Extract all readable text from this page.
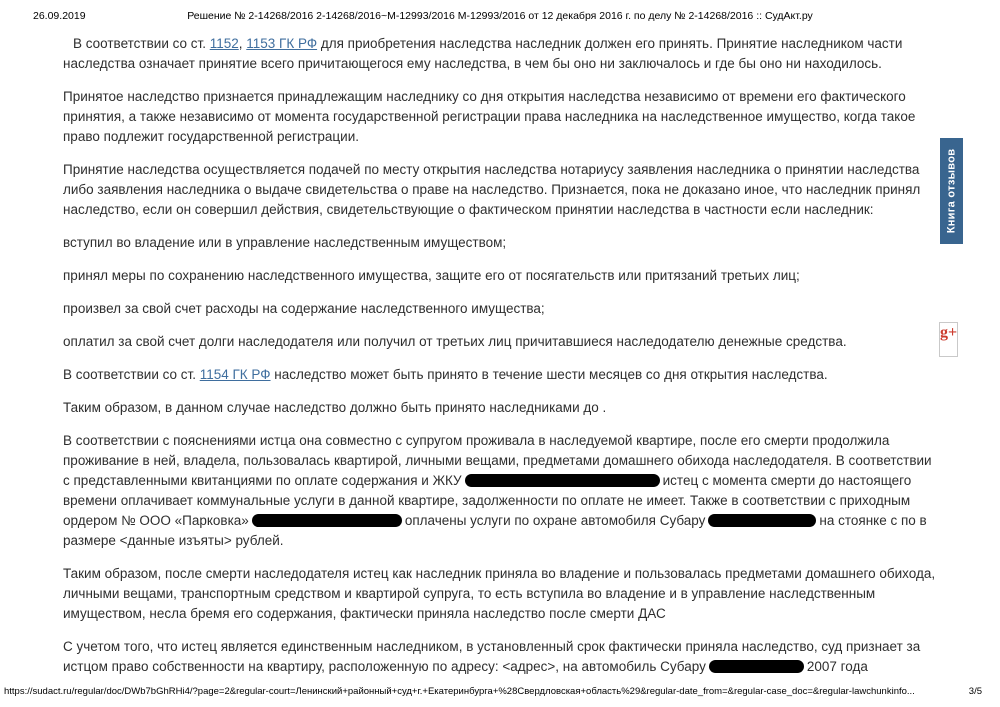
26.09.2019	Решение № 2-14268/2016 2-14268/2016~М-12993/2016 М-12993/2016 от 12 декабря 2016 г. по делу № 2-14268/2016 :: СудАкт.ру

В соответствии со ст. 1152, 1153 ГК РФ для приобретения наследства наследник должен его принять. Принятие наследником части наследства означает принятие всего причитающегося ему наследства, в чем бы оно ни заключалось и где бы оно ни находилось.

Принятое наследство признается принадлежащим наследнику со дня открытия наследства независимо от времени его фактического принятия, а также независимо от момента государственной регистрации права наследника на наследственное имущество, когда такое право подлежит государственной регистрации.

Принятие наследства осуществляется подачей по месту открытия наследства нотариусу заявления наследника о принятии наследства либо заявления наследника о выдаче свидетельства о праве на наследство. Признается, пока не доказано иное, что наследник принял наследство, если он совершил действия, свидетельствующие о фактическом принятии наследства в частности если наследник:

вступил во владение или в управление наследственным имуществом;

принял меры по сохранению наследственного имущества, защите его от посягательств или притязаний третьих лиц;

произвел за свой счет расходы на содержание наследственного имущества;

оплатил за свой счет долги наследодателя или получил от третьих лиц причитавшиеся наследодателю денежные средства.

В соответствии со ст. 1154 ГК РФ наследство может быть принято в течение шести месяцев со дня открытия наследства.

Таким образом, в данном случае наследство должно быть принято наследниками до .

В соответствии с пояснениями истца она совместно с супругом проживала в наследуемой квартире, после его смерти продолжила проживание в ней, владела, пользовалась квартирой, личными вещами, предметами домашнего обихода наследодателя. В соответствии с представленными квитанциями по оплате содержания и ЖКУ	истец с момента смерти до настоящего времени оплачивает коммунальные услуги в данной квартире, задолженности по оплате не имеет. Также в соответствии с приходным ордером № ООО «Парковка»	оплачены услуги по охране автомобиля Субару	на стоянке с по в размере <данные изъяты> рублей.

Таким образом, после смерти наследодателя истец как наследник приняла во владение и пользовалась предметами домашнего обихода, личными вещами, транспортным средством и квартирой супруга, то есть вступила во владение и в управление наследственным имуществом, несла бремя его содержания, фактически приняла наследство после смерти ДАС

С учетом того, что истец является единственным наследником, в установленный срок фактически приняла наследство, суд признает за истцом право собственности на квартиру, расположенную по адресу: <адрес>, на автомобиль Субару	2007 года

Книга отзывов
g+
https://sudact.ru/regular/doc/DWb7bGhRHi4/?page=2&regular-court=Ленинский+районный+суд+г.+Екатеринбурга+%28Свердловская+область%29&regular-date_from=&regular-case_doc=&regular-lawchunkinfo...	3/5
